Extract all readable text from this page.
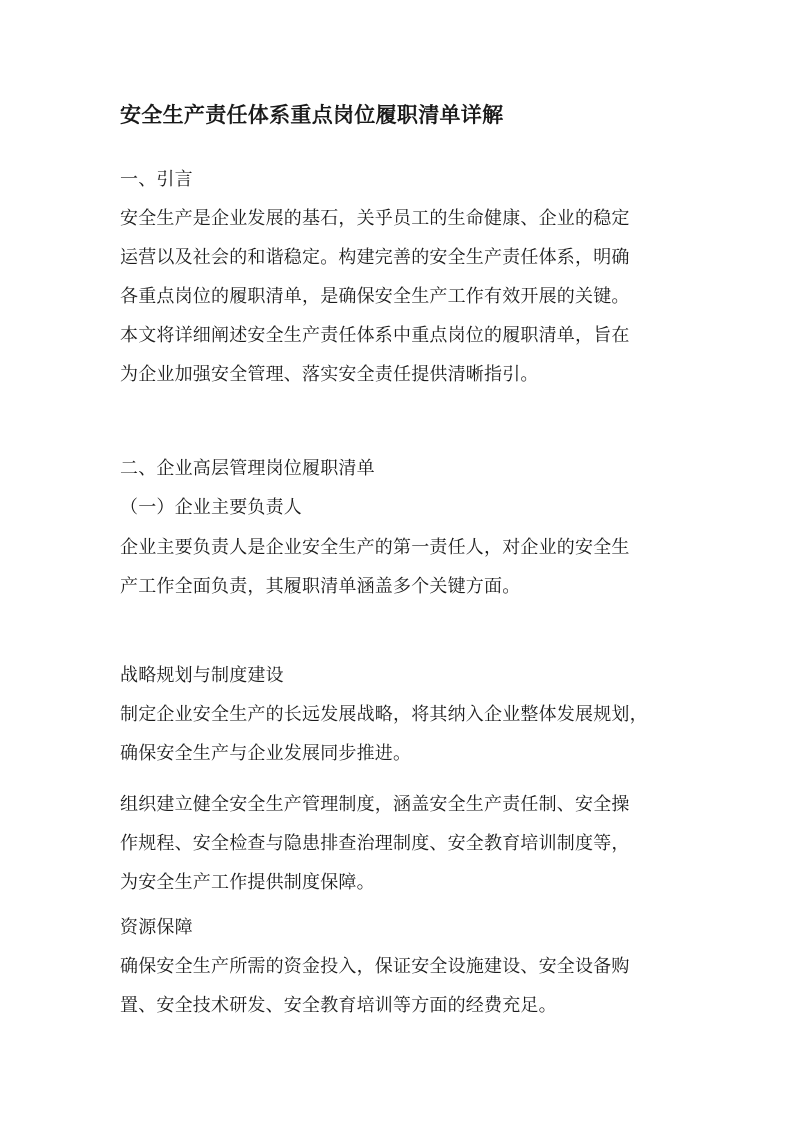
安全生产责任体系重点岗位履职清单详解
一、引言
安全生产是企业发展的基石，关乎员工的生命健康、企业的稳定
运营以及社会的和谐稳定。构建完善的安全生产责任体系，明确
各重点岗位的履职清单，是确保安全生产工作有效开展的关键。
本文将详细阐述安全生产责任体系中重点岗位的履职清单，旨在
为企业加强安全管理、落实安全责任提供清晰指引。
二、企业高层管理岗位履职清单
（一）企业主要负责人
企业主要负责人是企业安全生产的第一责任人，对企业的安全生
产工作全面负责，其履职清单涵盖多个关键方面。
战略规划与制度建设
制定企业安全生产的长远发展战略，将其纳入企业整体发展规划，
确保安全生产与企业发展同步推进。
组织建立健全安全生产管理制度，涵盖安全生产责任制、安全操
作规程、安全检查与隐患排查治理制度、安全教育培训制度等，
为安全生产工作提供制度保障。
资源保障
确保安全生产所需的资金投入，保证安全设施建设、安全设备购
置、安全技术研发、安全教育培训等方面的经费充足。
